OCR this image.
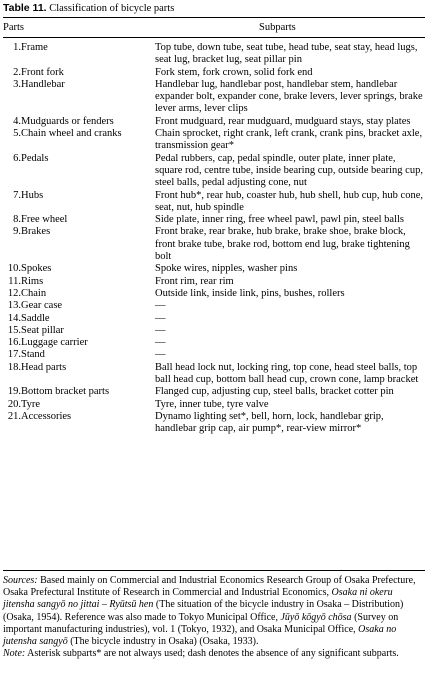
Table 11. Classification of bicycle parts
Parts	Subparts
1.	Frame	Top tube, down tube, seat tube, head tube, seat stay, head lugs, seat lug, bracket lug, seat pillar pin
2.	Front fork	Fork stem, fork crown, solid fork end
3.	Handlebar	Handlebar lug, handlebar post, handlebar stem, handlebar expander bolt, expander cone, brake levers, lever springs, brake lever arms, lever clips
4.	Mudguards or fenders	Front mudguard, rear mudguard, mudguard stays, stay plates
5.	Chain wheel and cranks	Chain sprocket, right crank, left crank, crank pins, bracket axle, transmission gear*
6.	Pedals	Pedal rubbers, cap, pedal spindle, outer plate, inner plate, square rod, centre tube, inside bearing cup, outside bearing cup, steel balls, pedal adjusting cone, nut
7.	Hubs	Front hub*, rear hub, coaster hub, hub shell, hub cup, hub cone, seat, nut, hub spindle
8.	Free wheel	Side plate, inner ring, free wheel pawl, pawl pin, steel balls
9.	Brakes	Front brake, rear brake, hub brake, brake shoe, brake block, front brake tube, brake rod, bottom end lug, brake tightening bolt
10.	Spokes	Spoke wires, nipples, washer pins
11.	Rims	Front rim, rear rim
12.	Chain	Outside link, inside link, pins, bushes, rollers
13.	Gear case	—
14.	Saddle	—
15.	Seat pillar	—
16.	Luggage carrier	—
17.	Stand	—
18.	Head parts	Ball head lock nut, locking ring, top cone, head steel balls, top ball head cup, bottom ball head cup, crown cone, lamp bracket
19.	Bottom bracket parts	Flanged cup, adjusting cup, steel balls, bracket cotter pin
20.	Tyre	Tyre, inner tube, tyre valve
21.	Accessories	Dynamo lighting set*, bell, horn, lock, handlebar grip, handlebar grip cap, air pump*, rear-view mirror*

Sources: Based mainly on Commercial and Industrial Economics Research Group of Osaka Prefecture, Osaka Prefectural Institute of Research in Commercial and Industrial Economics, Osaka ni okeru jitensha sangyō no jittai – Ryūtsū hen (The situation of the bicycle industry in Osaka – Distribution) (Osaka, 1954). Reference was also made to Tokyo Municipal Office, Jūyō kōgyō chōsa (Survey on important manufacturing industries), vol. 1 (Tokyo, 1932), and Osaka Municipal Office, Osaka no jutensha sangyō (The bicycle industry in Osaka) (Osaka, 1933).

Note: Asterisk subparts* are not always used; dash denotes the absence of any significant subparts.
